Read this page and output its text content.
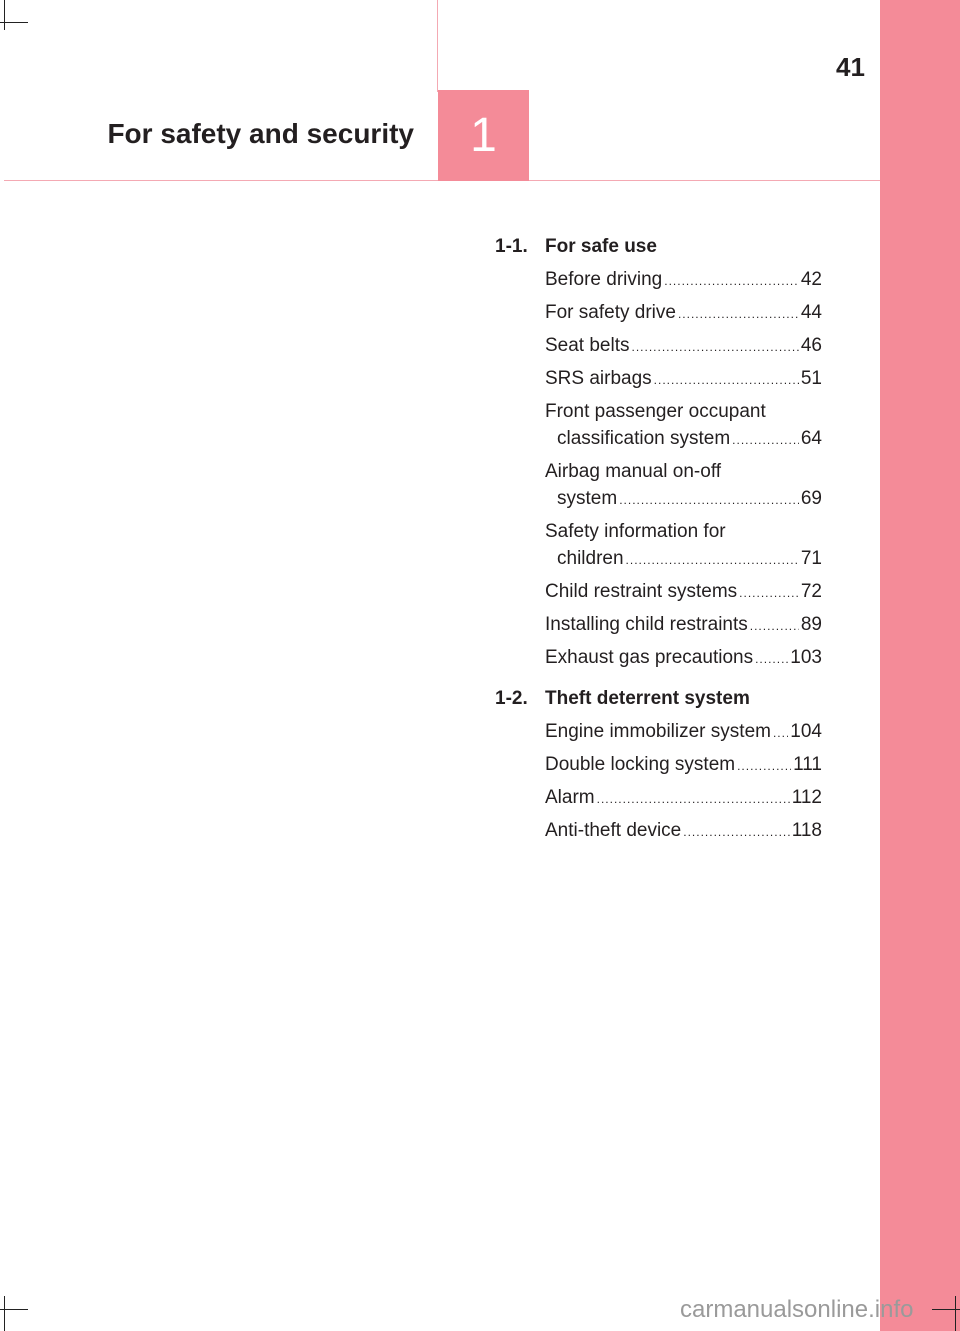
1
For safety and security
41
1-1. For safe use
Before driving .....	42
For safety drive .....	44
Seat belts .....	46
SRS airbags .....	51
Front passenger occupant
classification system .....	64
Airbag manual on-off
system .....	69
Safety information for
children .....	71
Child restraint systems .....	72
Installing child restraints .....	89
Exhaust gas precautions ..... 103
1-2. Theft deterrent system
Engine immobilizer system ..... 104
Double locking system .....	111
Alarm .....	112
Anti-theft device .....	118
carmanualsonline.info
